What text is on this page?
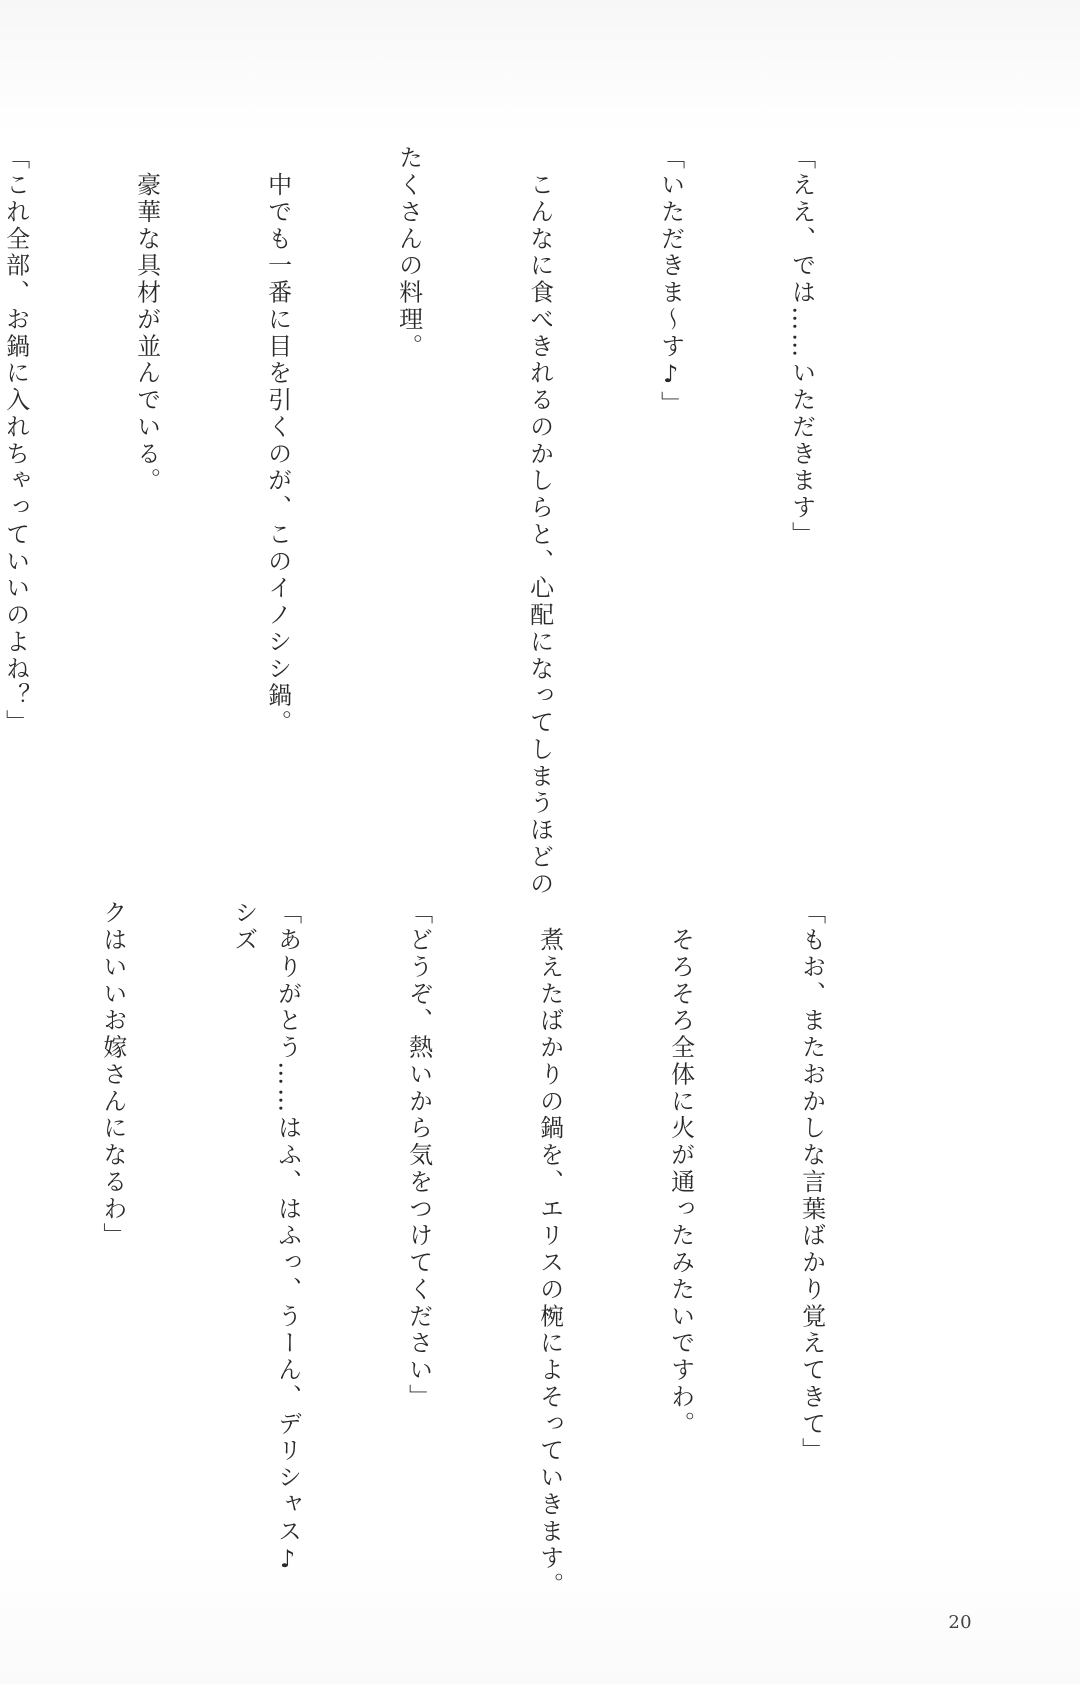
「ええ、では……いただきます」

「いただきま～す♪」

　こんなに食べきれるのかしらと、心配になってしまうほどの

たくさんの料理。

　中でも一番に目を引くのが、このイノシシ鍋。

　豪華な具材が並んでいる。

「これ全部、お鍋に入れちゃっていいのよね？」

「もお、またおかしな言葉ばかり覚えてきて」

　そろそろ全体に火が通ったみたいですわ。

　煮えたばかりの鍋を、エリスの椀によそっていきます。

「どうぞ、熱いから気をつけてください」

「ありがとう……はふ、はふっ、うーん、デリシャス♪　シズ

クはいいお嫁さんになるわ」

20
